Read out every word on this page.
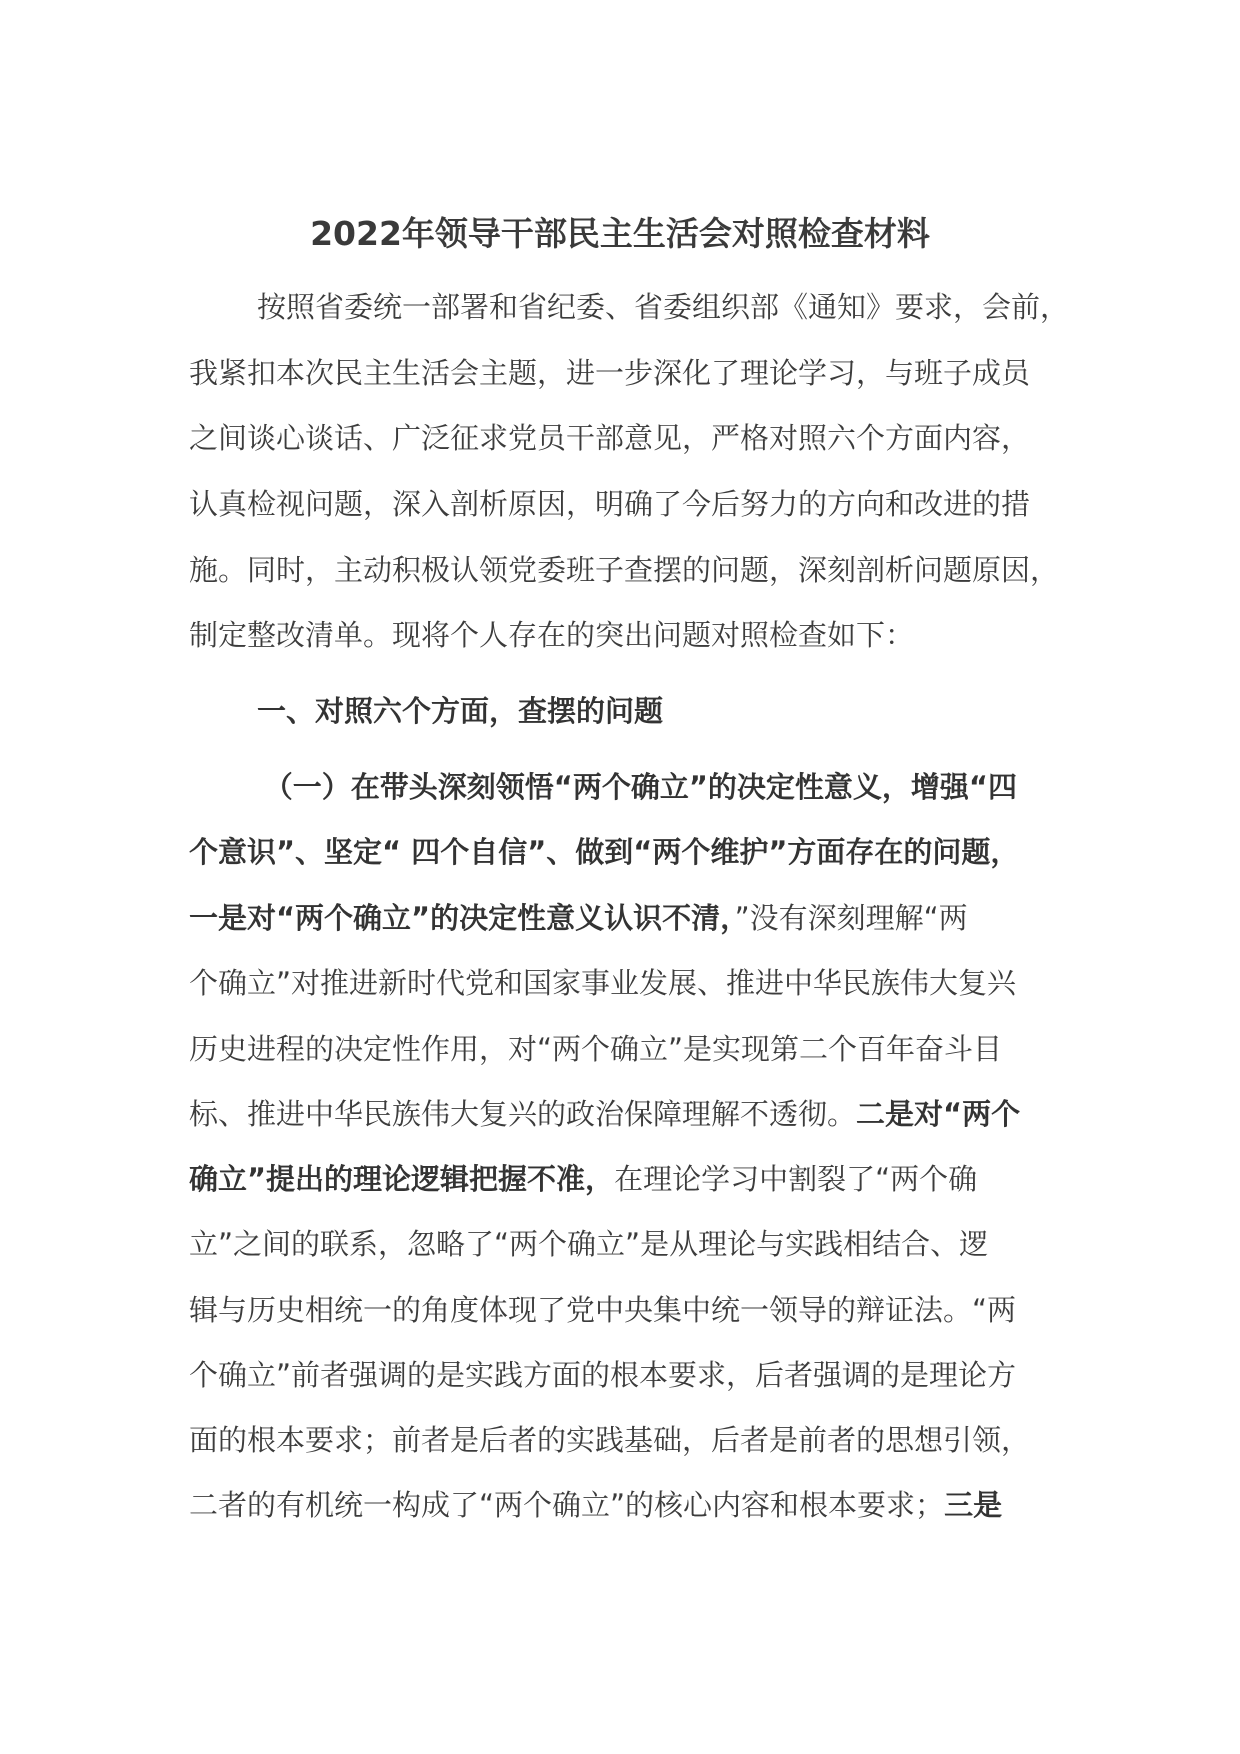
2022年领导干部民主生活会对照检查材料
按照省委统一部署和省纪委、省委组织部《通知》要求，会前，
我紧扣本次民主生活会主题，进一步深化了理论学习，与班子成员
之间谈心谈话、广泛征求党员干部意见，严格对照六个方面内容，
认真检视问题，深入剖析原因，明确了今后努力的方向和改进的措
施。同时，主动积极认领党委班子查摆的问题，深刻剖析问题原因，
制定整改清单。现将个人存在的突出问题对照检查如下：
一、对照六个方面，查摆的问题
（一）在带头深刻领悟“两个确立”的决定性意义，增强“四
个意识”、坚定“ 四个自信”、做到“两个维护”方面存在的问题，
一是对“两个确立”的决定性意义认识不清，”没有深刻理解“两
个确立”对推进新时代党和国家事业发展、推进中华民族伟大复兴
历史进程的决定性作用，对“两个确立”是实现第二个百年奋斗目
标、推进中华民族伟大复兴的政治保障理解不透彻。二是对“两个
确立”提出的理论逻辑把握不准，在理论学习中割裂了“两个确
立”之间的联系，忽略了“两个确立”是从理论与实践相结合、逻
辑与历史相统一的角度体现了党中央集中统一领导的辩证法。“两
个确立”前者强调的是实践方面的根本要求，后者强调的是理论方
面的根本要求；前者是后者的实践基础，后者是前者的思想引领，
二者的有机统一构成了“两个确立”的核心内容和根本要求；三是
